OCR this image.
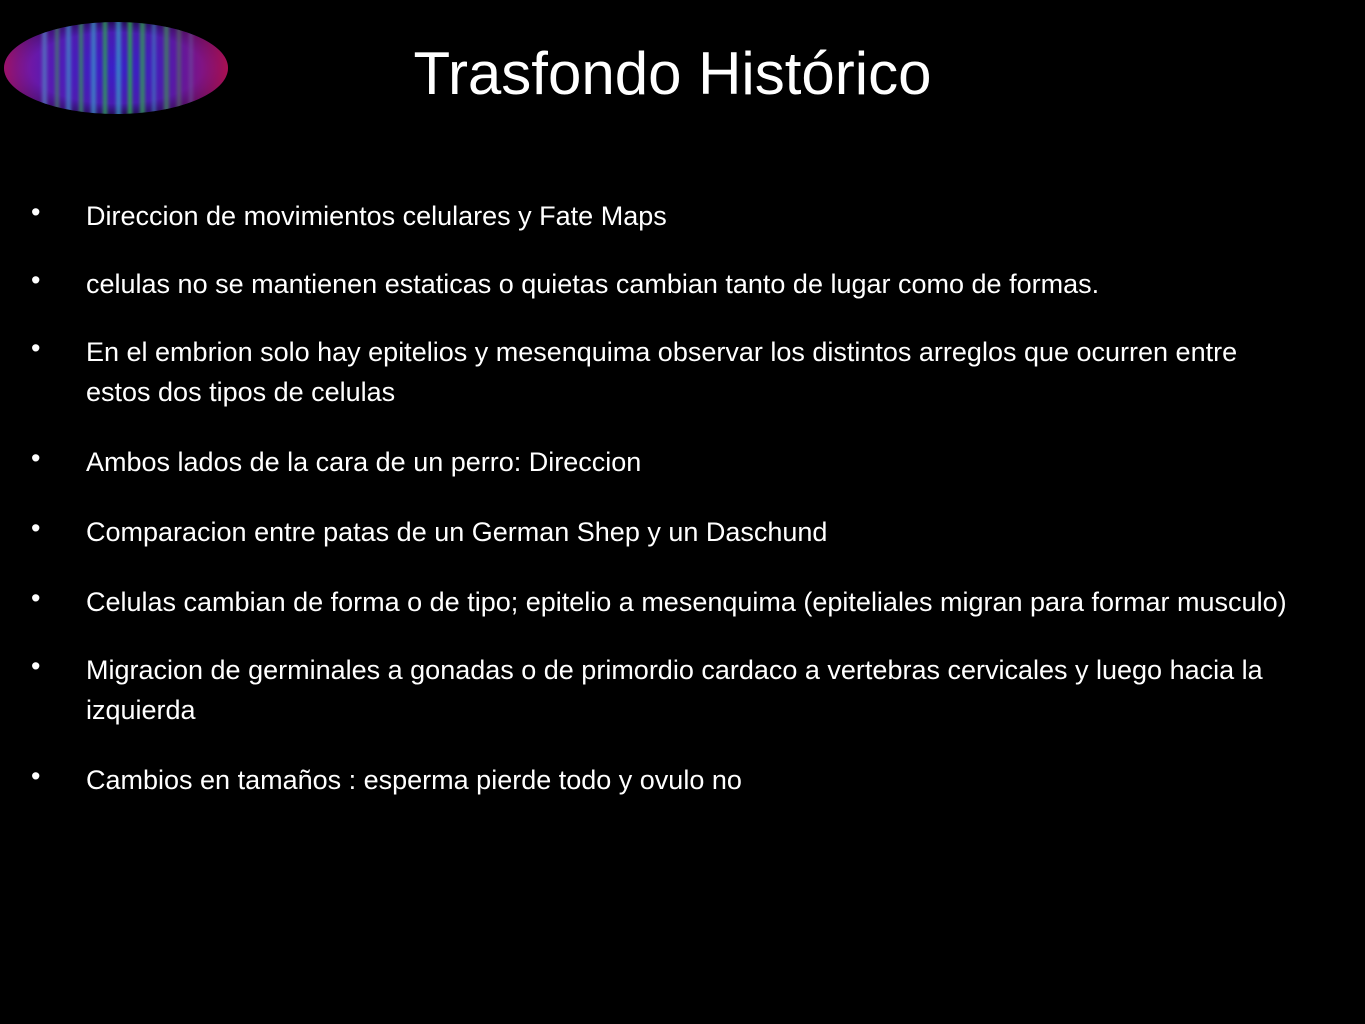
Trasfondo Histórico
• Direccion de movimientos celulares y Fate Maps
• celulas no se mantienen estaticas o quietas cambian tanto de lugar como de formas.
• En el embrion solo hay epitelios y mesenquima observar los distintos arreglos que ocurren entre estos dos tipos de celulas
• Ambos lados de la cara de un perro: Direccion
• Comparacion entre patas de un German Shep y un Daschund
• Celulas cambian de forma o de tipo; epitelio a mesenquima (epiteliales migran para formar musculo)
• Migracion de germinales a gonadas o de primordio cardaco a vertebras cervicales y luego hacia la izquierda
• Cambios en tamaños : esperma pierde todo y ovulo no
